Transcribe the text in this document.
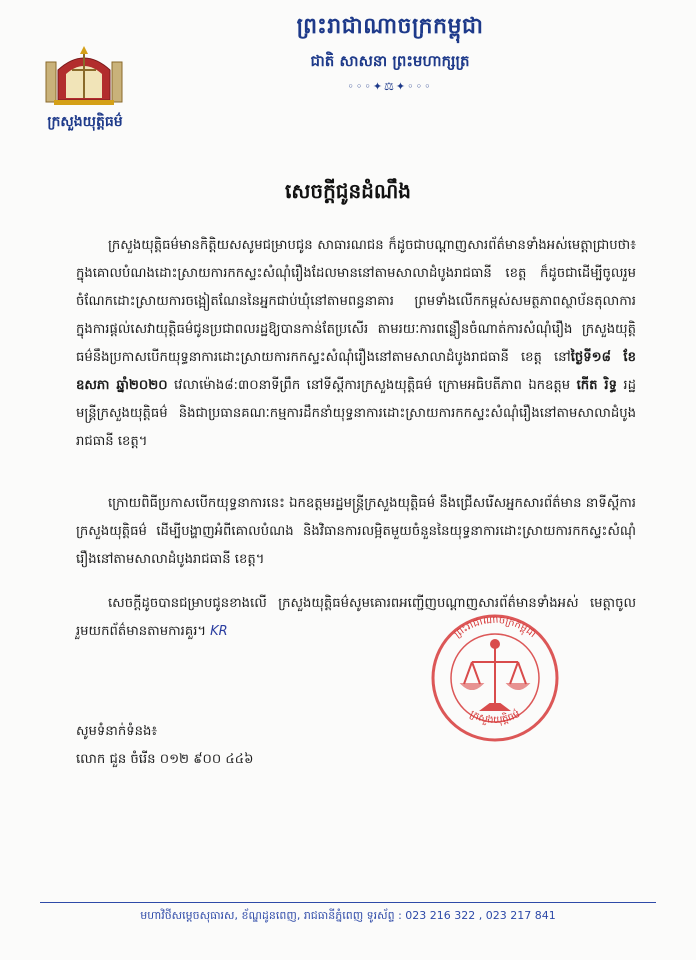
ក្រសួងយុត្តិធម៌
ព្រះរាជាណាចក្រកម្ពុជា
ជាតិ សាសនា ព្រះមហាក្សត្រ
◦◦◦✦⚖✦◦◦◦
សេចក្តីជូនដំណឹង

ក្រសួងយុត្តិធម៌មានកិត្តិយសសូមជម្រាបជូន សាធារណជន ក៏ដូចជាបណ្តាញសារព័ត៌មានទាំងអស់មេត្តាជ្រាបថា៖ ក្នុងគោលបំណងដោះស្រាយការកកស្ទះសំណុំរឿងដែលមាននៅតាមសាលាដំបូងរាជធានី ខេត្ត ក៏ដូចជាដើម្បីចូលរួមចំណែកដោះស្រាយការចង្អៀតណែននៃអ្នកជាប់ឃុំនៅតាមពន្ធនាគារ ព្រមទាំងលើកកម្ពស់សមត្ថភាពស្ថាប័នតុលាការក្នុងការផ្តល់សេវាយុត្តិធម៌ជូនប្រជាពលរដ្ឋឱ្យបានកាន់តែប្រសើរ តាមរយៈការពន្លឿនចំណាត់ការសំណុំរឿង ក្រសួងយុត្តិធម៌នឹងប្រកាសបើកយុទ្ធនាការដោះស្រាយការកកស្ទះសំណុំរឿងនៅតាមសាលាដំបូងរាជធានី ខេត្ត នៅថ្ងៃទី១៨ ខែឧសភា ឆ្នាំ២០២០ វេលាម៉ោង៨:៣០នាទីព្រឹក នៅទីស្តីការក្រសួងយុត្តិធម៌ ក្រោមអធិបតីភាព ឯកឧត្តម កើត រិទ្ធ រដ្ឋមន្ត្រីក្រសួងយុត្តិធម៌ និងជាប្រធានគណៈកម្មការដឹកនាំយុទ្ធនាការដោះស្រាយការកកស្ទះសំណុំរឿងនៅតាមសាលាដំបូងរាជធានី ខេត្ត។

ក្រោយពិធីប្រកាសបើកយុទ្ធនាការនេះ ឯកឧត្តមរដ្ឋមន្ត្រីក្រសួងយុត្តិធម៌ នឹងជ្រើសរើសអ្នកសារព័ត៌មាន នាទីស្តីការក្រសួងយុត្តិធម៌ ដើម្បីបង្ហាញអំពីគោលបំណង និងវិធានការលម្អិតមួយចំនួននៃយុទ្ធនាការដោះស្រាយការកកស្ទះសំណុំរឿងនៅតាមសាលាដំបូងរាជធានី ខេត្ត។

សេចក្តីដូចបានជម្រាបជូនខាងលើ ក្រសួងយុត្តិធម៌សូមគោរពអញ្ជើញបណ្តាញសារព័ត៌មានទាំងអស់ មេត្តាចូលរួមយកព័ត៌មានតាមការគួរ។ KR	ព្រះរាជាណាចក្រកម្ពុជា
ក្រសួងយុត្តិធម៌
សូមទំនាក់ទំនង៖
លោក ជួន ចំរើន ០១២ ៩០០ ៤៤៦
មហាវិថីសម្តេចសុធារស, ខ័ណ្ឌដូនពេញ, រាជធានីភ្នំពេញ ទូរស័ព្ទ : 023 216 322 , 023 217 841
